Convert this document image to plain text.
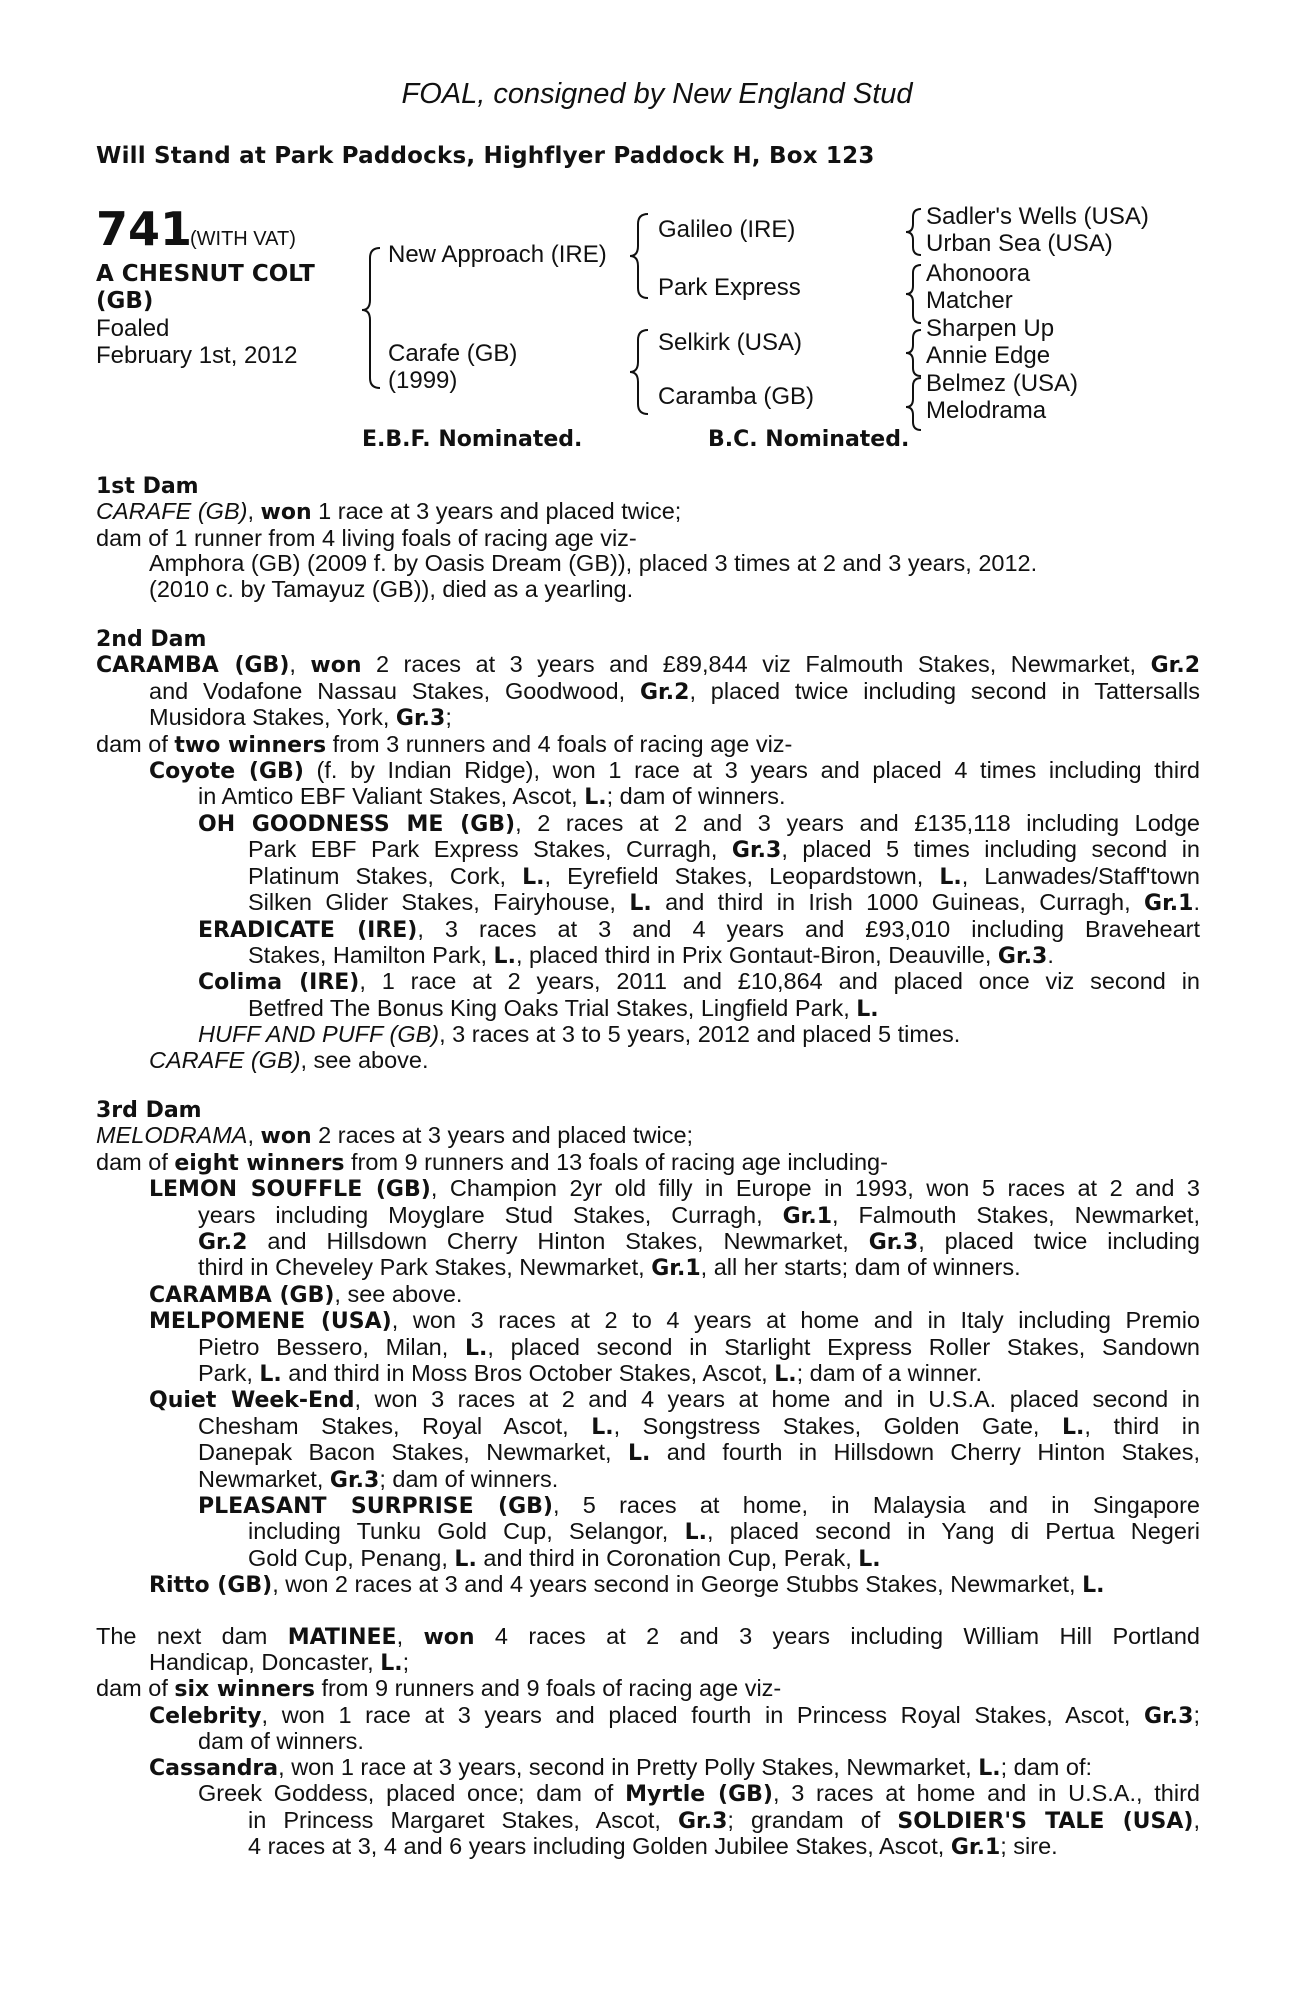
FOAL, consigned by New England Stud
Will Stand at Park Paddocks, Highflyer Paddock H, Box 123
741
(WITH VAT)
A CHESNUT COLT
(GB)
Foaled
February 1st, 2012
New Approach (IRE)
Carafe (GB)
(1999)
Galileo (IRE)
Park Express
Selkirk (USA)
Caramba (GB)
Sadler's Wells (USA)
Urban Sea (USA)
Ahonoora
Matcher
Sharpen Up
Annie Edge
Belmez (USA)
Melodrama
E.B.F. Nominated.	B.C. Nominated.
1st Dam
CARAFE (GB), won 1 race at 3 years and placed twice;
dam of 1 runner from 4 living foals of racing age viz-
Amphora (GB) (2009 f. by Oasis Dream (GB)), placed 3 times at 2 and 3 years, 2012.
(2010 c. by Tamayuz (GB)), died as a yearling.
2nd Dam
CARAMBA (GB), won 2 races at 3 years and £89,844 viz Falmouth Stakes, Newmarket, Gr.2
and Vodafone Nassau Stakes, Goodwood, Gr.2, placed twice including second in Tattersalls
Musidora Stakes, York, Gr.3;
dam of two winners from 3 runners and 4 foals of racing age viz-
Coyote (GB) (f. by Indian Ridge), won 1 race at 3 years and placed 4 times including third
in Amtico EBF Valiant Stakes, Ascot, L.; dam of winners.
OH GOODNESS ME (GB), 2 races at 2 and 3 years and £135,118 including Lodge
Park EBF Park Express Stakes, Curragh, Gr.3, placed 5 times including second in
Platinum Stakes, Cork, L., Eyrefield Stakes, Leopardstown, L., Lanwades/Staff'town
Silken Glider Stakes, Fairyhouse, L. and third in Irish 1000 Guineas, Curragh, Gr.1.
ERADICATE (IRE), 3 races at 3 and 4 years and £93,010 including Braveheart
Stakes, Hamilton Park, L., placed third in Prix Gontaut-Biron, Deauville, Gr.3.
Colima (IRE), 1 race at 2 years, 2011 and £10,864 and placed once viz second in
Betfred The Bonus King Oaks Trial Stakes, Lingfield Park, L.
HUFF AND PUFF (GB), 3 races at 3 to 5 years, 2012 and placed 5 times.
CARAFE (GB), see above.
3rd Dam
MELODRAMA, won 2 races at 3 years and placed twice;
dam of eight winners from 9 runners and 13 foals of racing age including-
LEMON SOUFFLE (GB), Champion 2yr old filly in Europe in 1993, won 5 races at 2 and 3
years including Moyglare Stud Stakes, Curragh, Gr.1, Falmouth Stakes, Newmarket,
Gr.2 and Hillsdown Cherry Hinton Stakes, Newmarket, Gr.3, placed twice including
third in Cheveley Park Stakes, Newmarket, Gr.1, all her starts; dam of winners.
CARAMBA (GB), see above.
MELPOMENE (USA), won 3 races at 2 to 4 years at home and in Italy including Premio
Pietro Bessero, Milan, L., placed second in Starlight Express Roller Stakes, Sandown
Park, L. and third in Moss Bros October Stakes, Ascot, L.; dam of a winner.
Quiet Week-End, won 3 races at 2 and 4 years at home and in U.S.A. placed second in
Chesham Stakes, Royal Ascot, L., Songstress Stakes, Golden Gate, L., third in
Danepak Bacon Stakes, Newmarket, L. and fourth in Hillsdown Cherry Hinton Stakes,
Newmarket, Gr.3; dam of winners.
PLEASANT SURPRISE (GB), 5 races at home, in Malaysia and in Singapore
including Tunku Gold Cup, Selangor, L., placed second in Yang di Pertua Negeri
Gold Cup, Penang, L. and third in Coronation Cup, Perak, L.
Ritto (GB), won 2 races at 3 and 4 years second in George Stubbs Stakes, Newmarket, L.
The next dam MATINEE, won 4 races at 2 and 3 years including William Hill Portland
Handicap, Doncaster, L.;
dam of six winners from 9 runners and 9 foals of racing age viz-
Celebrity, won 1 race at 3 years and placed fourth in Princess Royal Stakes, Ascot, Gr.3;
dam of winners.
Cassandra, won 1 race at 3 years, second in Pretty Polly Stakes, Newmarket, L.; dam of:
Greek Goddess, placed once; dam of Myrtle (GB), 3 races at home and in U.S.A., third
in Princess Margaret Stakes, Ascot, Gr.3; grandam of SOLDIER'S TALE (USA),
4 races at 3, 4 and 6 years including Golden Jubilee Stakes, Ascot, Gr.1; sire.
